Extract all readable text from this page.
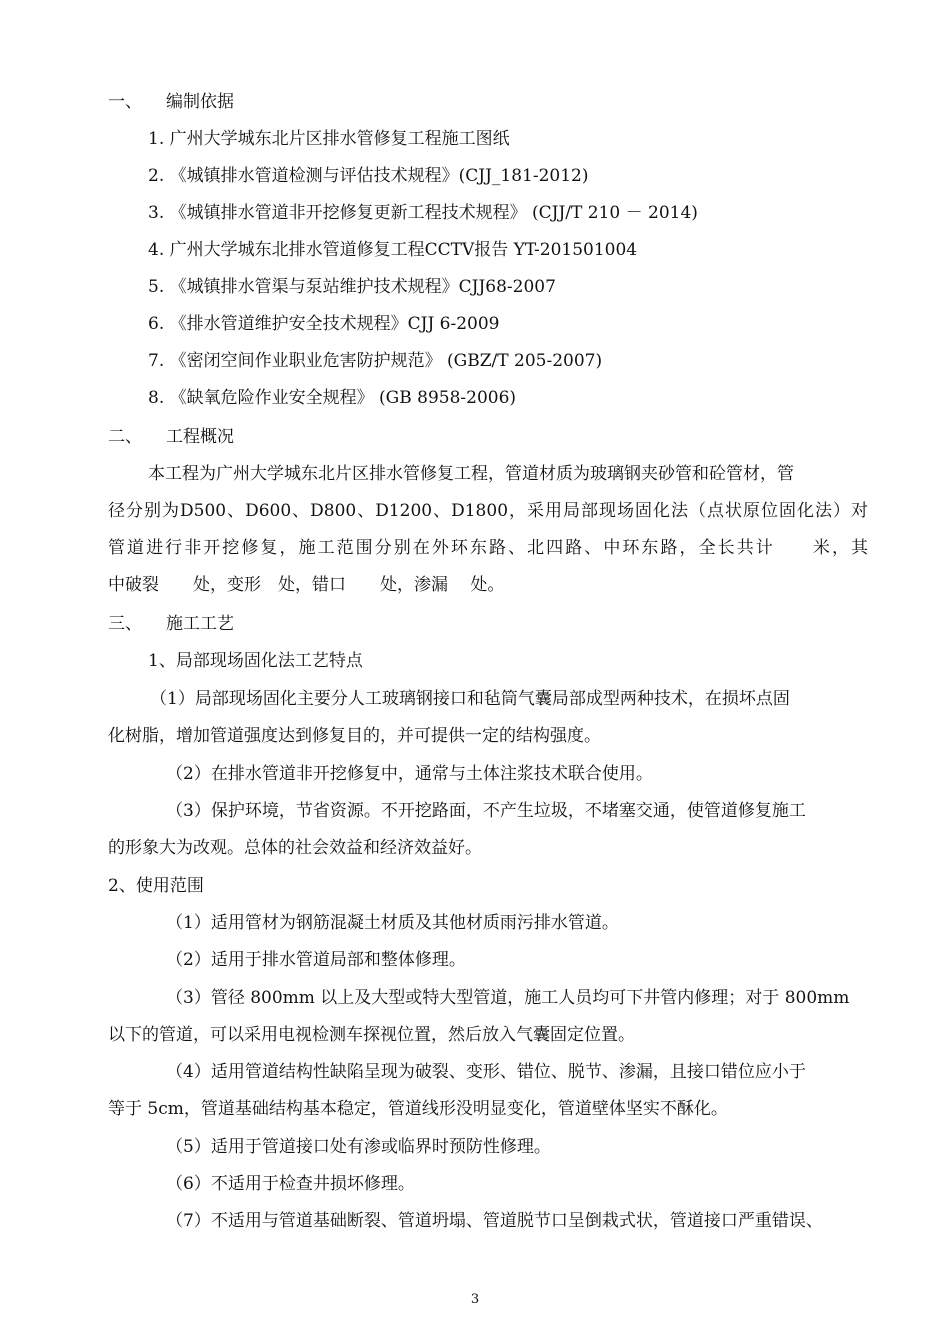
一、 编制依据
1. 广州大学城东北片区排水管修复工程施工图纸
2. 《城镇排水管道检测与评估技术规程》(CJJ_181-2012)
3. 《城镇排水管道非开挖修复更新工程技术规程》 (CJJ/T 210 － 2014)
4. 广州大学城东北排水管道修复工程CCTV报告 YT-201501004
5. 《城镇排水管渠与泵站维护技术规程》CJJ68-2007
6. 《排水管道维护安全技术规程》CJJ 6-2009
7. 《密闭空间作业职业危害防护规范》 (GBZ/T 205-2007)
8. 《缺氧危险作业安全规程》 (GB 8958-2006)
二、 工程概况
本工程为广州大学城东北片区排水管修复工程，管道材质为玻璃钢夹砂管和砼管材，管
径分别为D500、D600、D800、D1200、D1800，采用局部现场固化法（点状原位固化法）对
管道进行非开挖修复，施工范围分别在外环东路、北四路、中环东路，全长共计　　米，其
中破裂　　处，变形　处，错口　　处，渗漏　 处。
三、 施工工艺
1、局部现场固化法工艺特点
（1）局部现场固化主要分人工玻璃钢接口和毡筒气囊局部成型两种技术，在损坏点固
化树脂，增加管道强度达到修复目的，并可提供一定的结构强度。
（2）在排水管道非开挖修复中，通常与土体注浆技术联合使用。
（3）保护环境，节省资源。不开挖路面，不产生垃圾，不堵塞交通，使管道修复施工
的形象大为改观。总体的社会效益和经济效益好。
2、使用范围
（1）适用管材为钢筋混凝土材质及其他材质雨污排水管道。
（2）适用于排水管道局部和整体修理。
（3）管径 800mm 以上及大型或特大型管道，施工人员均可下井管内修理；对于 800mm
以下的管道，可以采用电视检测车探视位置，然后放入气囊固定位置。
（4）适用管道结构性缺陷呈现为破裂、变形、错位、脱节、渗漏，且接口错位应小于
等于 5cm，管道基础结构基本稳定，管道线形没明显变化，管道壁体坚实不酥化。
（5）适用于管道接口处有渗或临界时预防性修理。
（6）不适用于检查井损坏修理。
（7）不适用与管道基础断裂、管道坍塌、管道脱节口呈倒栽式状，管道接口严重错误、
3
